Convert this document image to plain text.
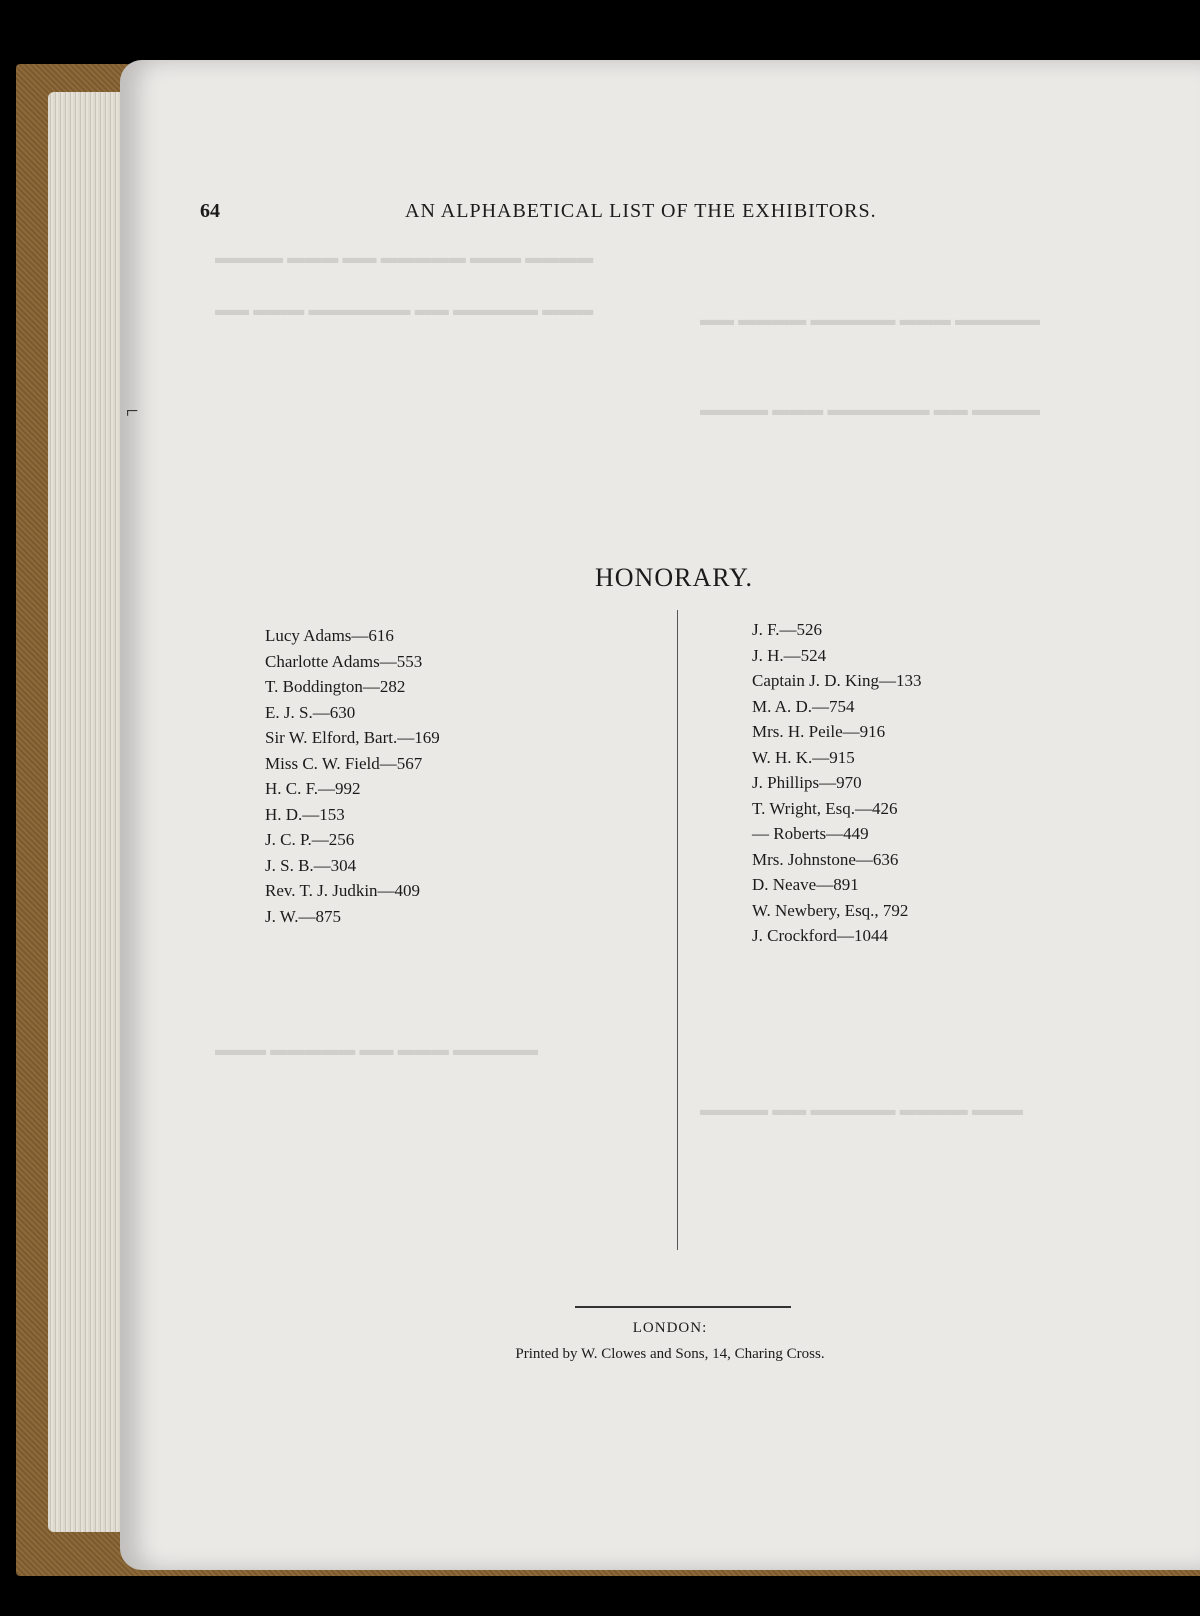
▬▬▬▬ ▬▬▬ ▬▬▬▬▬ ▬▬ ▬▬▬ ▬▬▬▬
▬▬▬ ▬▬▬▬▬ ▬▬ ▬▬▬▬▬▬ ▬▬▬ ▬▬
▬▬▬▬▬ ▬▬▬ ▬▬▬▬▬ ▬▬▬▬ ▬▬
▬▬▬▬ ▬▬ ▬▬▬▬▬▬ ▬▬▬ ▬▬▬▬
▬▬▬▬▬ ▬▬▬ ▬▬ ▬▬▬▬▬ ▬▬▬
▬▬▬ ▬▬▬▬ ▬▬▬▬▬ ▬▬ ▬▬▬▬
⌐
64	AN ALPHABETICAL LIST OF THE EXHIBITORS.
HONORARY.
Lucy Adams—616
Charlotte Adams—553
T. Boddington—282
E. J. S.—630
Sir W. Elford, Bart.—169
Miss C. W. Field—567
H. C. F.—992
H. D.—153
J. C. P.—256
J. S. B.—304
Rev. T. J. Judkin—409
J. W.—875
J. F.—526
J. H.—524
Captain J. D. King—133
M. A. D.—754
Mrs. H. Peile—916
W. H. K.—915
J. Phillips—970
T. Wright, Esq.—426
— Roberts—449
Mrs. Johnstone—636
D. Neave—891
W. Newbery, Esq., 792
J. Crockford—1044
LONDON:
Printed by W. Clowes and Sons, 14, Charing Cross.
